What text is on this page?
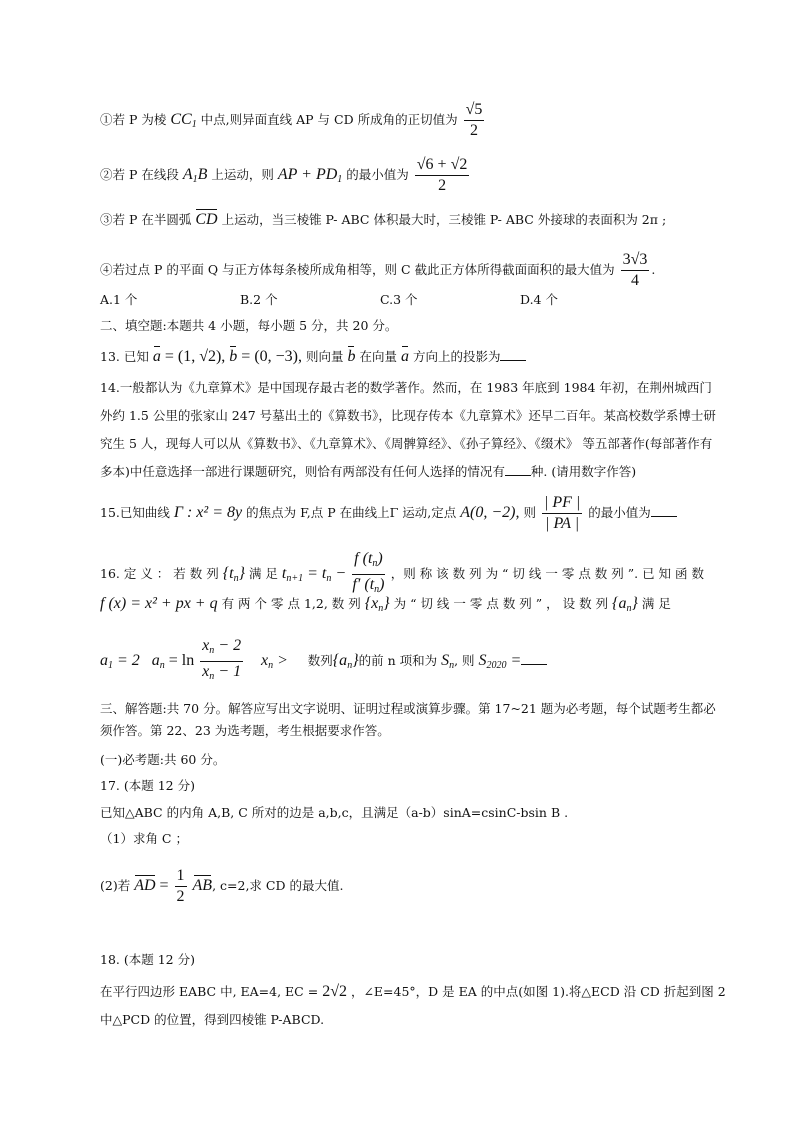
①若 P 为棱 $CC_1$ 中点,则异面直线 AP 与 CD 所成角的正切值为 $\frac{√5}{2}$
②若 P 在线段 $A_1B$ 上运动，则 AP + $PD_1$ 的最小值为 $\frac{√6 + √2}{2}$
③若 P 在半圆弧 CD 上运动，当三棱锥 P- ABC 体积最大时，三棱锥 P- ABC 外接球的表面积为 2π ;
④若过点 P 的平面 Q 与正方体每条棱所成角相等，则 C 截此正方体所得截面面积的最大值为 $\frac{3√3}{4}$ .
A.1 个	B.2 个	C.3 个	D.4 个
二、填空题:本题共 4 小题，每小题 5 分，共 20 分。
13. 已知 a = (1, √2), b = (0, −3), 则向量 b 在向量 a 方向上的投影为
14.一般都认为《九章算术》是中国现存最古老的数学著作。然而，在 1983 年底到 1984 年初，在荆州城西门外约 1.5 公里的张家山 247 号墓出土的《算数书》，比现存传本《九章算术》还早二百年。某高校数学系博士研究生 5 人，现每人可以从《算数书》、《九章算术》、《周髀算经》、《孙子算经》、《缀术》 等五部著作(每部著作有多本)中任意选择一部进行课题研究，则恰有两部没有任何人选择的情况有 种. (请用数字作答)
15.已知曲线 Γ : x² = 8y 的焦点为 F,点 P 在曲线上Γ 运动,定点 A(0, −2), 则 $\frac{| PF |}{| PA |}$ 的最小值为
16. 定 义 ： 若 数 列 $\{t_n\}$ 满 足 $t_{n+1} = t_n - \frac{f (t_n)}{f' (t_n)}$ ，则 称 该 数 列 为 “ 切 线 一 零 点 数 列 ”. 已 知 函 数
f (x) = x² + px + q 有 两 个 零 点 1,2, 数 列 $\{x_n\}$ 为 “ 切 线 一 零 点 数 列 ” ， 设 数 列 $\{a_n\}$ 满 足
$a_1 = 2$ $a_n = \ln \frac{x_n - 2}{x_n - 1} x_n$ > 数列$\{a_n\}$的前 n 项和为 $S_n$, 则 $S_{2020}$ =
三、解答题:共 70 分。解答应写出文字说明、证明过程或演算步骤。第 17~21 题为必考题，每个试题考生都必须作答。第 22、23 为选考题，考生根据要求作答。
(一)必考题:共 60 分。
17. (本题 12 分)
已知△ABC 的内角 A,B, C 所对的边是 a,b,c，且满足（a-b）sinA=csinC-bsin B .
（1）求角 C ；
(2)若 AD = $\frac{1}{2}$ AB, c=2,求 CD 的最大值.
18. (本题 12 分)
在平行四边形 EABC 中, EA=4, EC = 2√2 ，∠E=45°，D 是 EA 的中点(如图 1).将△ECD 沿 CD 折起到图 2
中△PCD 的位置，得到四棱锥 P-ABCD.
